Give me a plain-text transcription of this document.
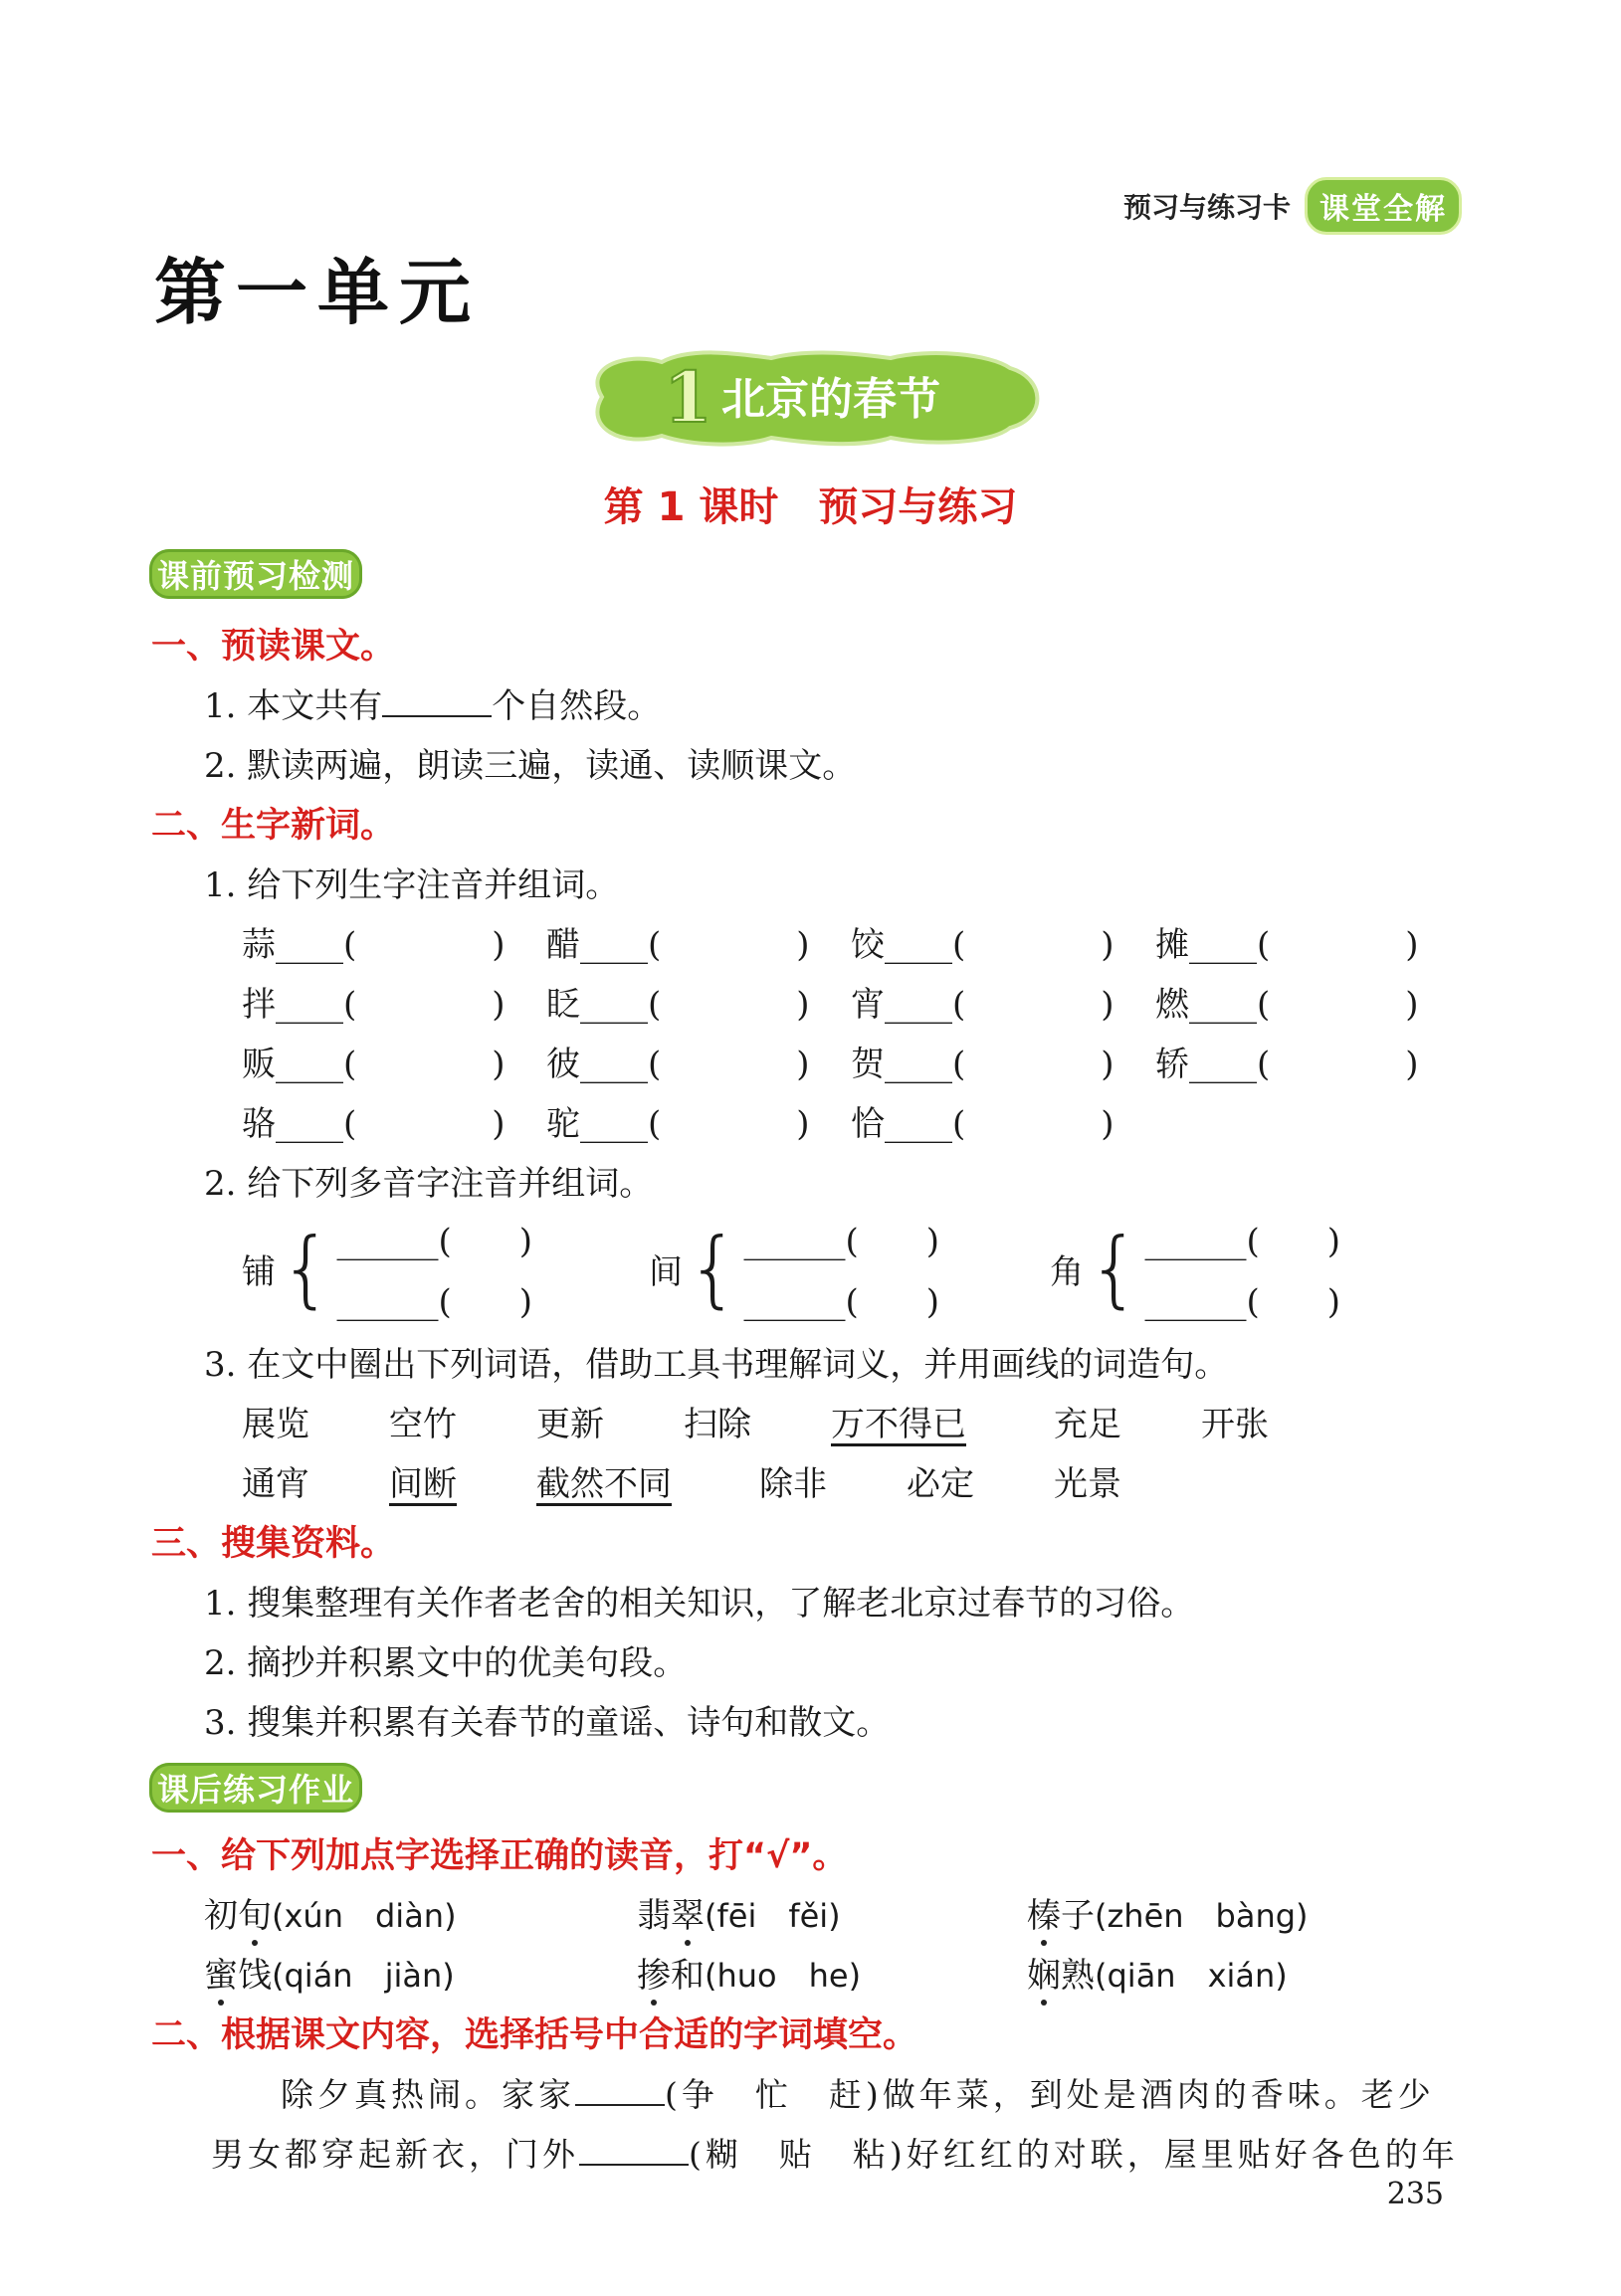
预习与练习卡 课堂全解
第一单元
1 北京的春节
第 1 课时　预习与练习
课前预习检测
一、预读课文。
1. 本文共有	个自然段。
2. 默读两遍，朗读三遍，读通、读顺课文。
二、生字新词。
1. 给下列生字注音并组词。
蒜____(　　　　)	醋____(　　　　)	饺____(　　　　)	摊____(　　　　)
拌____(　　　　)	眨____(　　　　)	宵____(　　　　)	燃____(　　　　)
贩____(　　　　)	彼____(　　　　)	贺____(　　　　)	轿____(　　　　)
骆____(　　　　)	驼____(　　　　)	恰____(　　　　)
2. 给下列多音字注音并组词。
铺 { ______(　　)
______(　　)
间 { ______(　　)
______(　　)
角 { ______(　　)
______(　　)
3. 在文中圈出下列词语，借助工具书理解词义，并用画线的词造句。
展览	空竹	更新	扫除	万不得已	充足	开张
通宵	间断	截然不同	除非	必定	光景
三、搜集资料。
1. 搜集整理有关作者老舍的相关知识，了解老北京过春节的习俗。
2. 摘抄并积累文中的优美句段。
3. 搜集并积累有关春节的童谣、诗句和散文。
课后练习作业
一、给下列加点字选择正确的读音，打“√”。
初旬(xún　diàn)	翡翠(fēi　fěi)	榛子(zhēn　bàng)
蜜饯(qián　jiàn)	掺和(huo　he)	娴熟(qiān　xián)
二、根据课文内容，选择括号中合适的字词填空。
除夕真热闹。家家	(争　忙　赶)做年菜，到处是酒肉的香味。老少
男女都穿起新衣，门外	(糊　贴　粘)好红红的对联，屋里贴好各色的年
235
